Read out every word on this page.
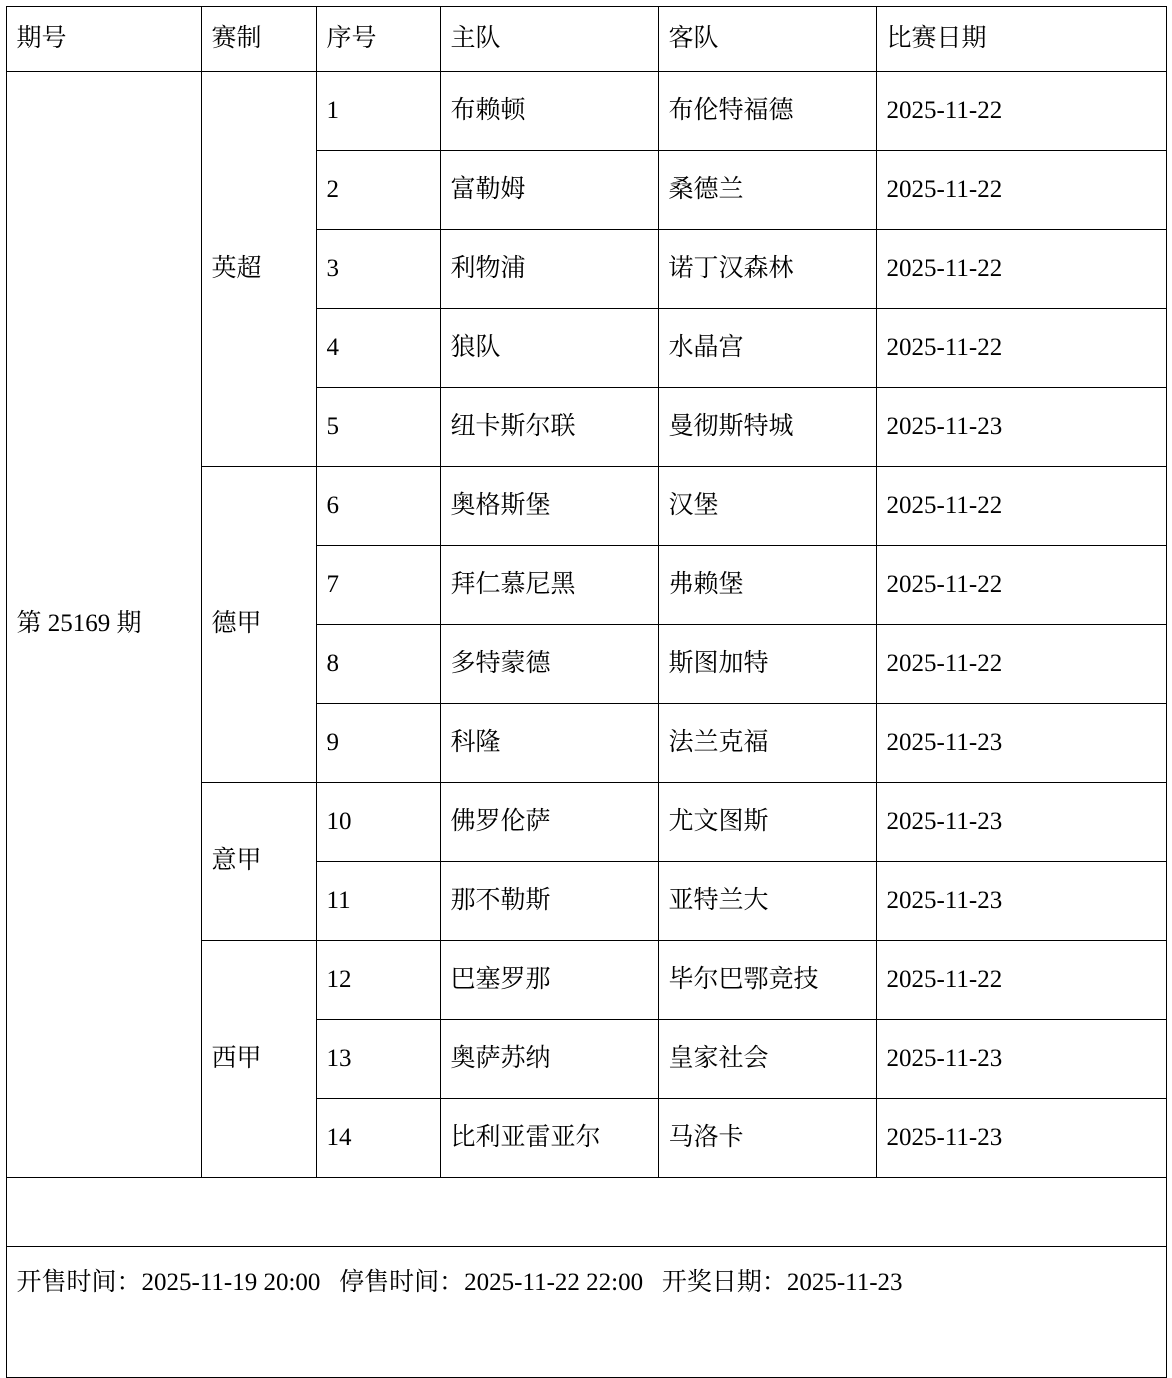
期号	赛制	序号	主队	客队	比赛日期
第 25169 期	英超	1	布赖顿	布伦特福德	2025-11-22
		2	富勒姆	桑德兰	2025-11-22
		3	利物浦	诺丁汉森林	2025-11-22
		4	狼队	水晶宫	2025-11-22
		5	纽卡斯尔联	曼彻斯特城	2025-11-23
	德甲	6	奥格斯堡	汉堡	2025-11-22
		7	拜仁慕尼黑	弗赖堡	2025-11-22
		8	多特蒙德	斯图加特	2025-11-22
		9	科隆	法兰克福	2025-11-23
	意甲	10	佛罗伦萨	尤文图斯	2025-11-23
		11	那不勒斯	亚特兰大	2025-11-23
	西甲	12	巴塞罗那	毕尔巴鄂竞技	2025-11-22
		13	奥萨苏纳	皇家社会	2025-11-23
		14	比利亚雷亚尔	马洛卡	2025-11-23

开售时间：2025-11-19 20:00   停售时间：2025-11-22 22:00   开奖日期：2025-11-23					
